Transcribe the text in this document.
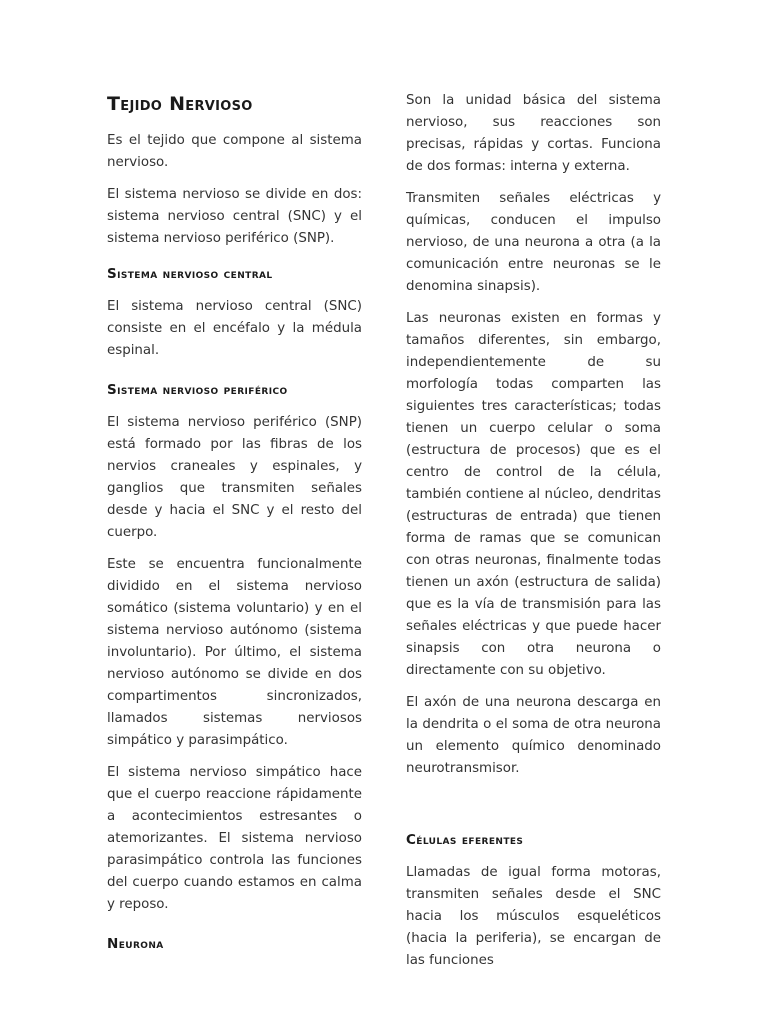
Tejido Nervioso

Es el tejido que compone al sistema nervioso.

El sistema nervioso se divide en dos: sistema nervioso central (SNC) y el sistema nervioso periférico (SNP).

Sistema nervioso central

El sistema nervioso central (SNC) consiste en el encéfalo y la médula espinal.

Sistema nervioso periférico

El sistema nervioso periférico (SNP) está formado por las fibras de los nervios craneales y espinales, y ganglios que transmiten señales desde y hacia el SNC y el resto del cuerpo.

Este se encuentra funcionalmente dividido en el sistema nervioso somático (sistema voluntario) y en el sistema nervioso autónomo (sistema involuntario). Por último, el sistema nervioso autónomo se divide en dos compartimentos sincronizados, llamados sistemas nerviosos simpático y parasimpático.

El sistema nervioso simpático hace que el cuerpo reaccione rápidamente a acontecimientos estresantes o atemorizantes. El sistema nervioso parasimpático controla las funciones del cuerpo cuando estamos en calma y reposo.

Neurona

Son la unidad básica del sistema nervioso, sus reacciones son precisas, rápidas y cortas. Funciona de dos formas: interna y externa.

Transmiten señales eléctricas y químicas, conducen el impulso nervioso, de una neurona a otra (a la comunicación entre neuronas se le denomina sinapsis).

Las neuronas existen en formas y tamaños diferentes, sin embargo, independientemente de su morfología todas comparten las siguientes tres características; todas tienen un cuerpo celular o soma (estructura de procesos) que es el centro de control de la célula, también contiene al núcleo, dendritas (estructuras de entrada) que tienen forma de ramas que se comunican con otras neuronas, finalmente todas tienen un axón (estructura de salida) que es la vía de transmisión para las señales eléctricas y que puede hacer sinapsis con otra neurona o directamente con su objetivo.

El axón de una neurona descarga en la dendrita o el soma de otra neurona un elemento químico denominado neurotransmisor.

Células eferentes

Llamadas de igual forma motoras, transmiten señales desde el SNC hacia los músculos esqueléticos (hacia la periferia), se encargan de las funciones
